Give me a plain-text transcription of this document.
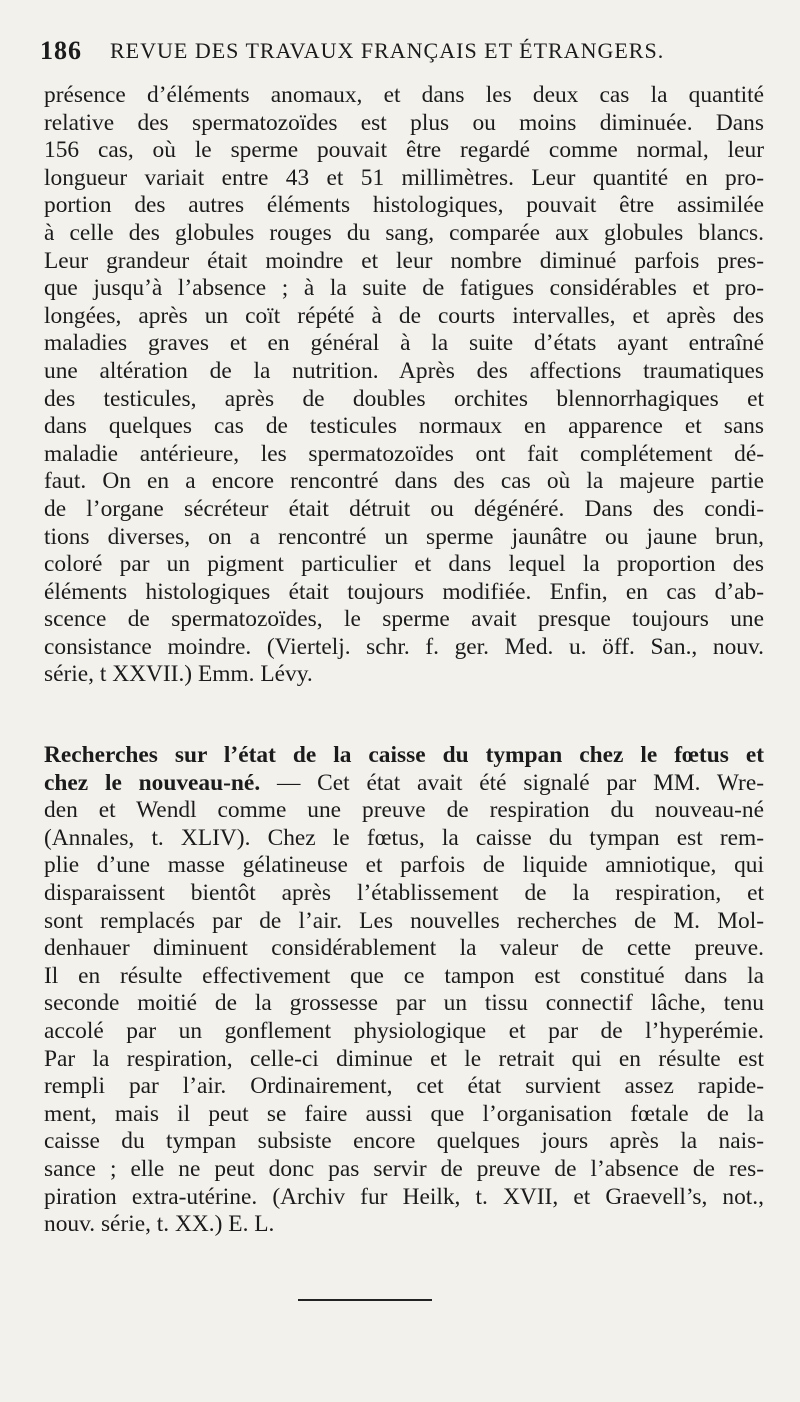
186 REVUE DES TRAVAUX FRANÇAIS ET ÉTRANGERS.
présence d’éléments anomaux, et dans les deux cas la quantité
relative des spermatozoïdes est plus ou moins diminuée. Dans
156 cas, où le sperme pouvait être regardé comme normal, leur
longueur variait entre 43 et 51 millimètres. Leur quantité en pro-
portion des autres éléments histologiques, pouvait être assimilée
à celle des globules rouges du sang, comparée aux globules blancs.
Leur grandeur était moindre et leur nombre diminué parfois pres-
que jusqu’à l’absence ; à la suite de fatigues considérables et pro-
longées, après un coït répété à de courts intervalles, et après des
maladies graves et en général à la suite d’états ayant entraîné
une altération de la nutrition. Après des affections traumatiques
des testicules, après de doubles orchites blennorrhagiques et
dans quelques cas de testicules normaux en apparence et sans
maladie antérieure, les spermatozoïdes ont fait complétement dé-
faut. On en a encore rencontré dans des cas où la majeure partie
de l’organe sécréteur était détruit ou dégénéré. Dans des condi-
tions diverses, on a rencontré un sperme jaunâtre ou jaune brun,
coloré par un pigment particulier et dans lequel la proportion des
éléments histologiques était toujours modifiée. Enfin, en cas d’ab-
scence de spermatozoïdes, le sperme avait presque toujours une
consistance moindre. (Viertelj. schr. f. ger. Med. u. öff. San., nouv.
série, t XXVII.) Emm. Lévy.
Recherches sur l’état de la caisse du tympan chez le fœtus et
chez le nouveau-né. — Cet état avait été signalé par MM. Wre-
den et Wendl comme une preuve de respiration du nouveau-né
(Annales, t. XLIV). Chez le fœtus, la caisse du tympan est rem-
plie d’une masse gélatineuse et parfois de liquide amniotique, qui
disparaissent bientôt après l’établissement de la respiration, et
sont remplacés par de l’air. Les nouvelles recherches de M. Mol-
denhauer diminuent considérablement la valeur de cette preuve.
Il en résulte effectivement que ce tampon est constitué dans la
seconde moitié de la grossesse par un tissu connectif lâche, tenu
accolé par un gonflement physiologique et par de l’hyperémie.
Par la respiration, celle-ci diminue et le retrait qui en résulte est
rempli par l’air. Ordinairement, cet état survient assez rapide-
ment, mais il peut se faire aussi que l’organisation fœtale de la
caisse du tympan subsiste encore quelques jours après la nais-
sance ; elle ne peut donc pas servir de preuve de l’absence de res-
piration extra-utérine. (Archiv fur Heilk, t. XVII, et Graevell’s, not.,
nouv. série, t. XX.) E. L.
